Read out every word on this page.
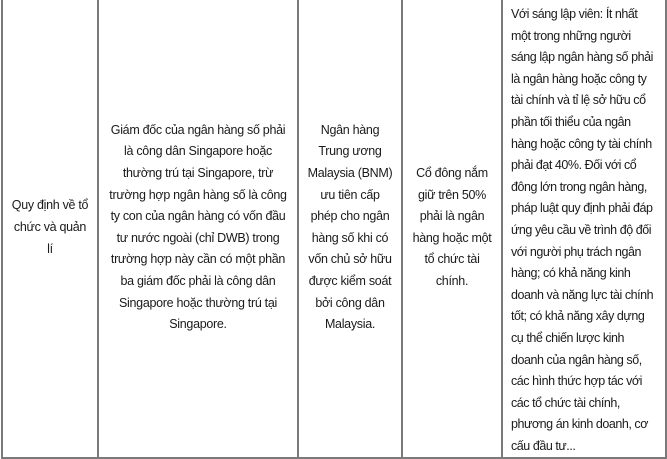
Quy định về tổ chức và quản lí	Giám đốc của ngân hàng số phải là công dân Singapore hoặc thường trú tại Singapore, trừ trường hợp ngân hàng số là công ty con của ngân hàng có vốn đầu tư nước ngoài (chỉ DWB) trong trường hợp này cần có một phần ba giám đốc phải là công dân Singapore hoặc thường trú tại Singapore.	Ngân hàng Trung ương Malaysia (BNM) ưu tiên cấp phép cho ngân hàng số khi có vốn chủ sở hữu được kiểm soát bởi công dân Malaysia.	Cổ đông nắm giữ trên 50% phải là ngân hàng hoặc một tổ chức tài chính.	Với sáng lập viên: Ít nhất một trong những người sáng lập ngân hàng số phải là ngân hàng hoặc công ty tài chính và tỉ lệ sở hữu cổ phần tối thiểu của ngân hàng hoặc công ty tài chính phải đạt 40%. Đối với cổ đông lớn trong ngân hàng, pháp luật quy định phải đáp ứng yêu cầu về trình độ đối với người phụ trách ngân hàng; có khả năng kinh doanh và năng lực tài chính tốt; có khả năng xây dựng cụ thể chiến lược kinh doanh của ngân hàng số, các hình thức hợp tác với các tổ chức tài chính, phương án kinh doanh, cơ cấu đầu tư...
